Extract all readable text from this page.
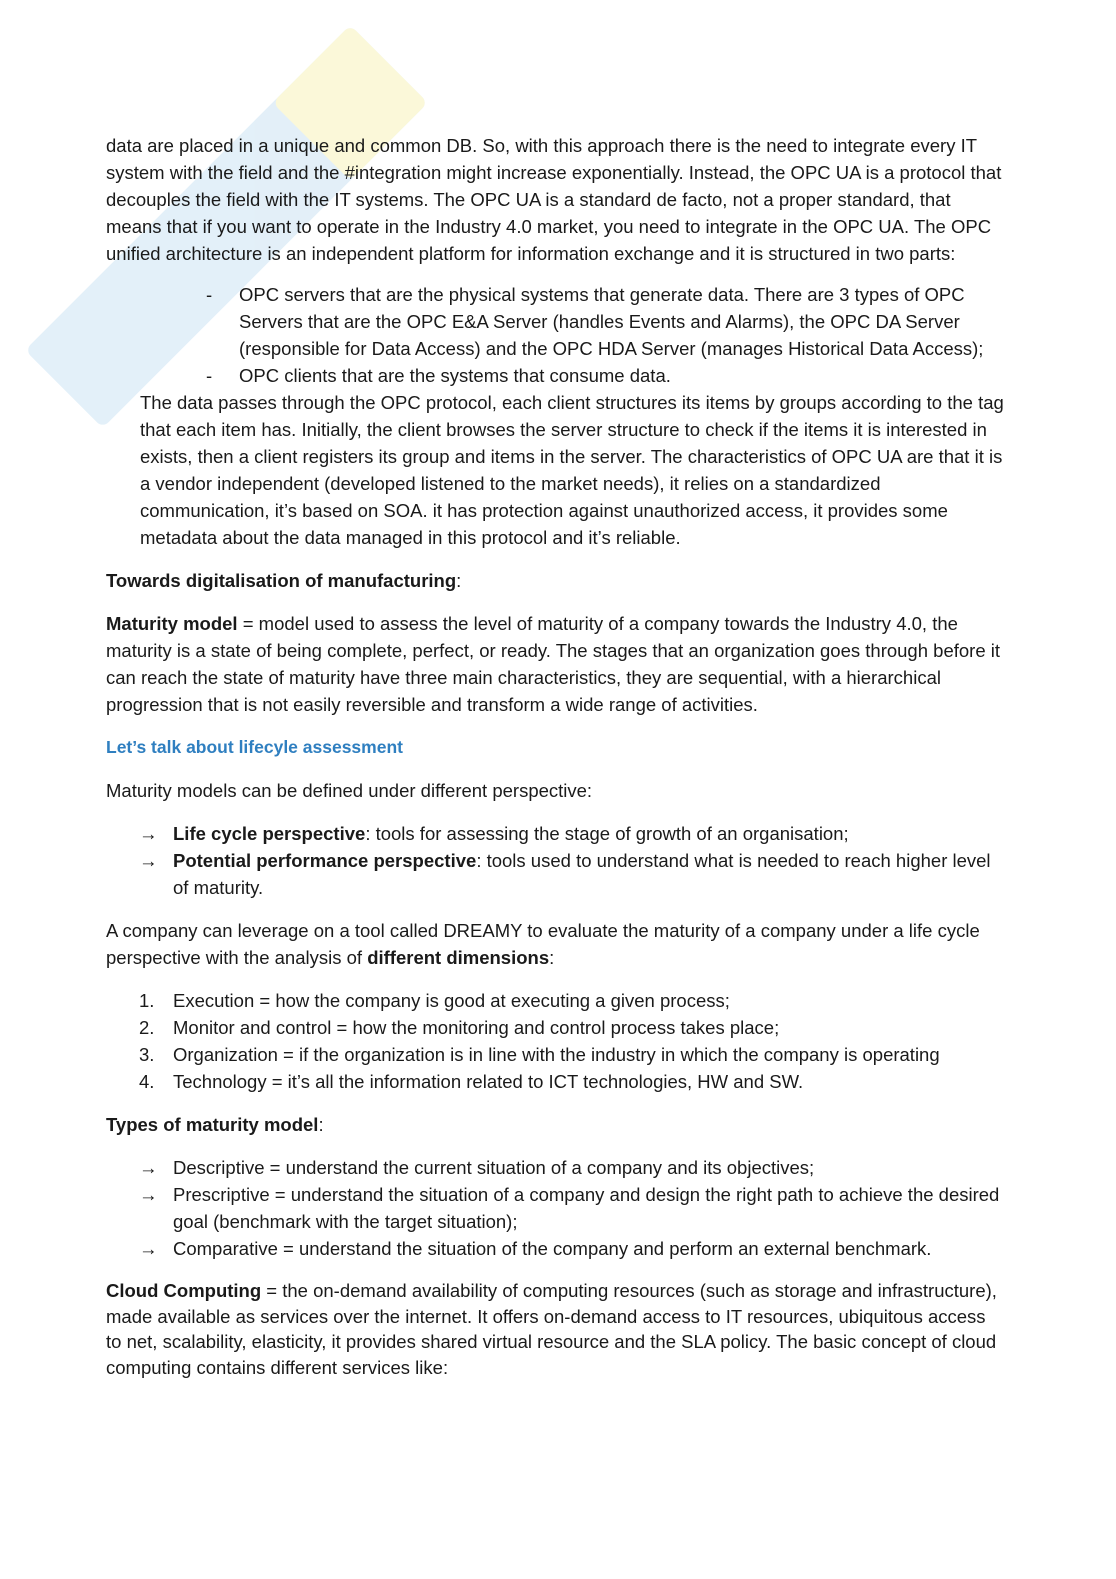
data are placed in a unique and common DB. So, with this approach there is the need to integrate every IT system with the field and the #integration might increase exponentially. Instead, the OPC UA is a protocol that decouples the field with the IT systems. The OPC UA is a standard de facto, not a proper standard, that means that if you want to operate in the Industry 4.0 market, you need to integrate in the OPC UA. The OPC unified architecture is an independent platform for information exchange and it is structured in two parts:

- OPC servers that are the physical systems that generate data. There are 3 types of OPC Servers that are the OPC E&A Server (handles Events and Alarms), the OPC DA Server (responsible for Data Access) and the OPC HDA Server (manages Historical Data Access);
- OPC clients that are the systems that consume data.

The data passes through the OPC protocol, each client structures its items by groups according to the tag that each item has. Initially, the client browses the server structure to check if the items it is interested in exists, then a client registers its group and items in the server. The characteristics of OPC UA are that it is a vendor independent (developed listened to the market needs), it relies on a standardized communication, it’s based on SOA. it has protection against unauthorized access, it provides some metadata about the data managed in this protocol and it’s reliable.

Towards digitalisation of manufacturing:

Maturity model = model used to assess the level of maturity of a company towards the Industry 4.0, the maturity is a state of being complete, perfect, or ready. The stages that an organization goes through before it can reach the state of maturity have three main characteristics, they are sequential, with a hierarchical progression that is not easily reversible and transform a wide range of activities.

Let’s talk about lifecyle assessment

Maturity models can be defined under different perspective:

→ Life cycle perspective: tools for assessing the stage of growth of an organisation;
→ Potential performance perspective: tools used to understand what is needed to reach higher level of maturity.

A company can leverage on a tool called DREAMY to evaluate the maturity of a company under a life cycle perspective with the analysis of different dimensions:

1. Execution = how the company is good at executing a given process;
2. Monitor and control = how the monitoring and control process takes place;
3. Organization = if the organization is in line with the industry in which the company is operating
4. Technology = it’s all the information related to ICT technologies, HW and SW.

Types of maturity model:

→ Descriptive = understand the current situation of a company and its objectives;
→ Prescriptive = understand the situation of a company and design the right path to achieve the desired goal (benchmark with the target situation);
→ Comparative = understand the situation of the company and perform an external benchmark.

Cloud Computing = the on-demand availability of computing resources (such as storage and infrastructure), made available as services over the internet. It offers on-demand access to IT resources, ubiquitous access to net, scalability, elasticity, it provides shared virtual resource and the SLA policy. The basic concept of cloud computing contains different services like:
